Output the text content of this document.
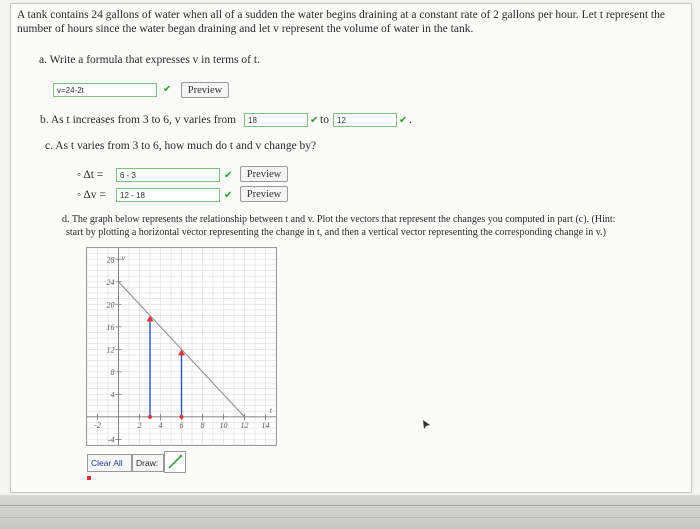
A tank contains 24 gallons of water when all of a sudden the water begins draining at a constant rate of 2 gallons per hour. Let t represent the
number of hours since the water began draining and let v represent the volume of water in the tank.
a. Write a formula that expresses v in terms of t.
v=24-2t	✔	Preview
b. As t increases from 3 to 6, v varies from	18	✔ to	12	✔ .
c. As t varies from 3 to 6, how much do t and v change by?
◦ Δt =	6 - 3	✔	Preview
◦ Δv =	12 - 18	✔	Preview
d. The graph below represents the relationship between t and v. Plot the vectors that represent the changes you computed in part (c). (Hint:
start by plotting a horizontal vector representing the change in t, and then a vertical vector representing the corresponding change in v.)
28
24
20
16
12
8
4
-4
-2	2 4 6 8 10 12 14
v
t
Clear All	Draw:
